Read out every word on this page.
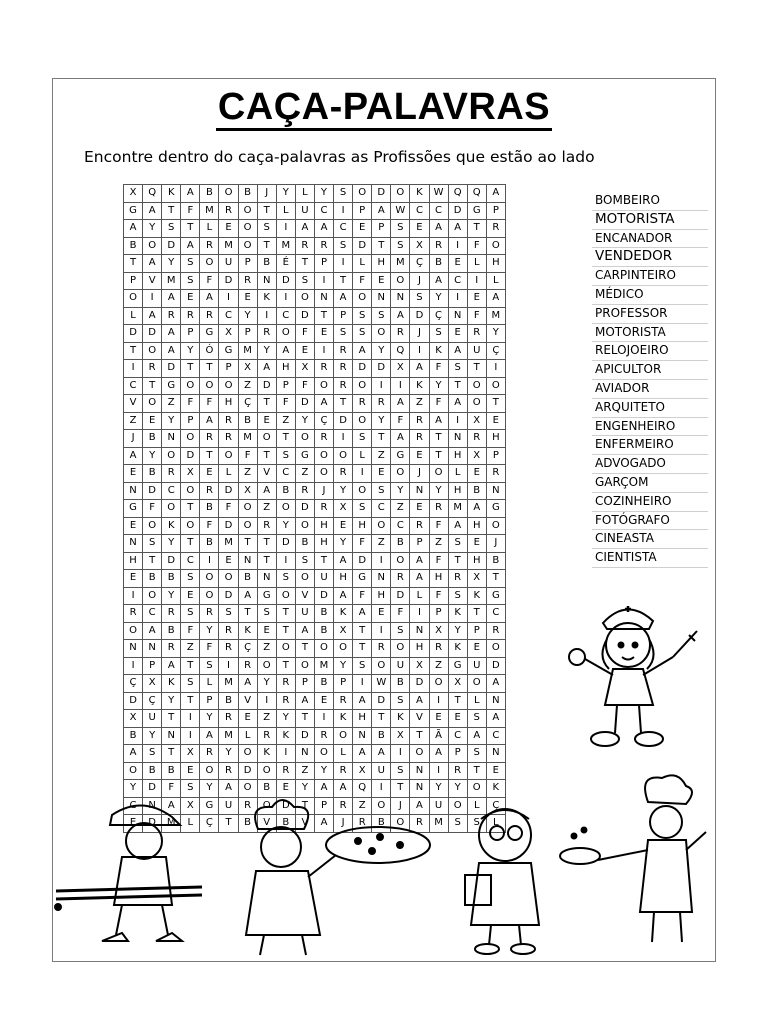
CAÇA-PALAVRAS
Encontre dentro do caça-palavras as Profissões que estão ao lado
X	Q	K	A	B	O	B	J	Y	L	Y	S	O	D	O	K	W	Q	Q	A
G	A	T	F	M	R	O	T	L	U	C	I	P	A	W	C	C	D	G	P
A	Y	S	T	L	E	O	S	I	A	A	C	E	P	S	E	A	A	T	R
B	O	D	A	R	M	O	T	M	R	R	S	D	T	S	X	R	I	F	O
T	A	Y	S	O	U	P	B	É	T	P	I	L	H	M	Ç	B	E	L	H
P	V	M	S	F	D	R	N	D	S	I	T	F	E	O	J	A	C	I	L
O	I	A	E	A	I	E	K	I	O	N	A	O	N	N	S	Y	I	E	A
L	A	R	R	R	C	Y	I	C	D	T	P	S	S	A	D	Ç	N	F	M
D	D	A	P	G	X	P	R	O	F	E	S	S	O	R	J	S	E	R	Y
T	O	A	Y	Ó	G	M	Y	A	E	I	R	A	Y	Q	I	K	A	U	Ç
I	R	D	T	T	P	X	A	H	X	R	R	D	D	X	A	F	S	T	I
C	T	G	O	O	O	Z	D	P	F	O	R	O	I	I	K	Y	T	O	O
V	O	Z	F	F	H	Ç	T	F	D	A	T	R	R	A	Z	F	A	O	T
Z	E	Y	P	A	R	B	E	Z	Y	Ç	D	O	Y	F	R	A	I	X	E
J	B	N	O	R	R	M	O	T	O	R	I	S	T	A	R	T	N	R	H
A	Y	O	D	T	O	F	T	S	G	O	O	L	Z	G	E	T	H	X	P
E	B	R	X	E	L	Z	V	C	Z	O	R	I	E	O	J	O	L	E	R
N	D	C	O	R	D	X	A	B	R	J	Y	O	S	Y	N	Y	H	B	N
G	F	O	T	B	F	O	Z	O	D	R	X	S	C	Z	E	R	M	A	G
E	O	K	O	F	D	O	R	Y	O	H	E	H	O	C	R	F	A	H	O
N	S	Y	T	B	M	T	T	D	B	H	Y	F	Z	B	P	Z	S	E	J
H	T	D	C	I	E	N	T	I	S	T	A	D	I	O	A	F	T	H	B
E	B	B	S	O	O	B	N	S	O	U	H	G	N	R	A	H	R	X	T
I	O	Y	E	O	D	A	G	O	V	D	A	F	H	D	L	F	S	K	G
R	C	R	S	R	S	T	S	T	U	B	K	A	E	F	I	P	K	T	C
O	A	B	F	Y	R	K	E	T	A	B	X	T	I	S	N	X	Y	P	R
N	N	R	Z	F	R	Ç	Z	O	T	O	O	T	R	O	H	R	K	E	O
I	P	A	T	S	I	R	O	T	O	M	Y	S	O	U	X	Z	G	U	D
Ç	X	K	S	L	M	A	Y	R	P	B	P	I	W	B	D	O	X	O	A
D	Ç	Y	T	P	B	V	I	R	A	E	R	A	D	S	A	I	T	L	N
X	U	T	I	Y	R	E	Z	Y	T	I	K	H	T	K	V	E	E	S	A
B	Y	N	I	A	M	L	R	K	D	R	O	N	B	X	T	Ã	C	A	C
A	S	T	X	R	Y	O	K	I	N	O	L	A	A	I	O	A	P	S	N
O	B	B	E	O	R	D	O	R	Z	Y	R	X	U	S	N	I	R	T	E
Y	D	F	S	Y	A	O	B	E	Y	A	A	Q	I	T	N	Y	Y	O	K
C	N	A	X	G	U	R	O	D	T	P	R	Z	O	J	A	U	O	L	Ç
E	D	M	L	Ç	T	B	V	B	V	A	J	R	B	O	R	M	S	S	L
BOMBEIRO
MOTORISTA
ENCANADOR
VENDEDOR
CARPINTEIRO
MÉDICO
PROFESSOR
MOTORISTA
RELOJOEIRO
APICULTOR
AVIADOR
ARQUITETO
ENGENHEIRO
ENFERMEIRO
ADVOGADO
GARÇOM
COZINHEIRO
FOTÓGRAFO
CINEASTA
CIENTISTA
